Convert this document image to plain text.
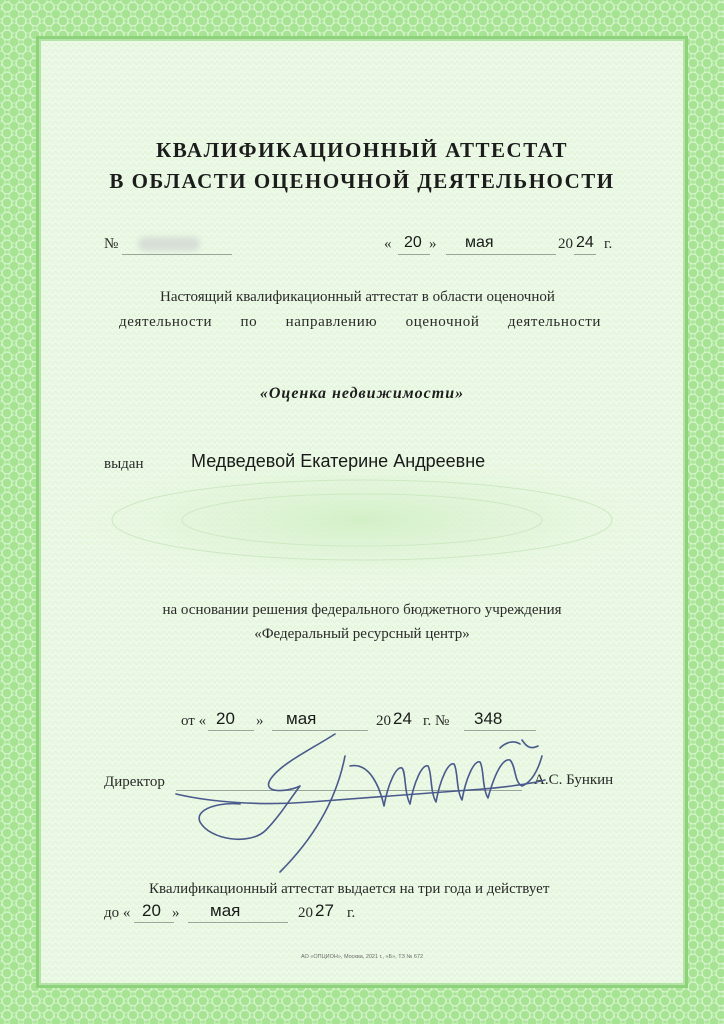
КВАЛИФИКАЦИОННЫЙ АТТЕСТАТ
В ОБЛАСТИ ОЦЕНОЧНОЙ ДЕЯТЕЛЬНОСТИ
№	« 20 » мая	20 24 г.
Настоящий квалификационный аттестат в области оценочной
деятельности по направлению оценочной деятельности
«Оценка недвижимости»
выдан	Медведевой Екатерине Андреевне
на основании решения федерального бюджетного учреждения
«Федеральный ресурсный центр»
от « 20 » мая	20 24 г. № 348
Директор	А.С. Бункин
Квалификационный аттестат выдается на три года и действует
до « 20 » мая	20 27 г.
АО «ОПЦИОН», Москва, 2021 г., «Б», ТЗ № 672
